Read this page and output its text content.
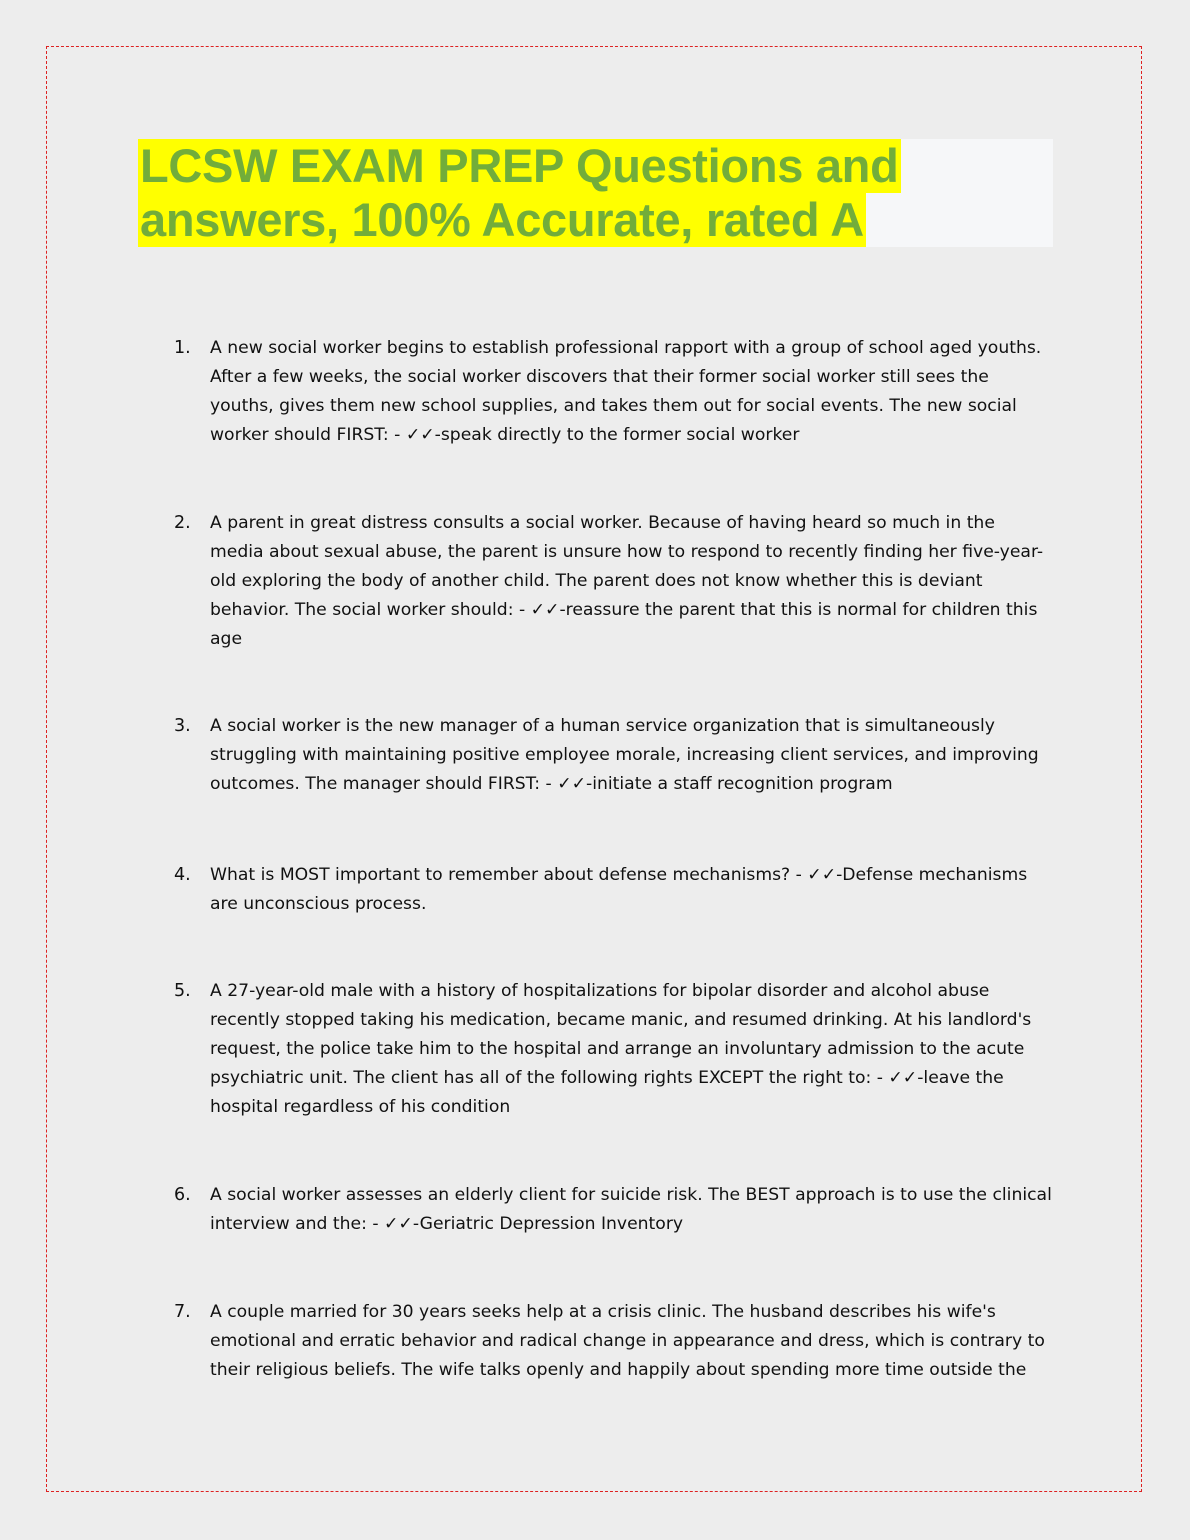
LCSW EXAM PREP Questions and
answers, 100% Accurate, rated A
1.	A new social worker begins to establish professional rapport with a group of school aged youths. After a few weeks, the social worker discovers that their former social worker still sees the youths, gives them new school supplies, and takes them out for social events. The new social worker should FIRST: - ✓✓-speak directly to the former social worker
2.	A parent in great distress consults a social worker. Because of having heard so much in the media about sexual abuse, the parent is unsure how to respond to recently finding her five-year-old exploring the body of another child. The parent does not know whether this is deviant behavior. The social worker should: - ✓✓-reassure the parent that this is normal for children this age
3.	A social worker is the new manager of a human service organization that is simultaneously struggling with maintaining positive employee morale, increasing client services, and improving outcomes. The manager should FIRST: - ✓✓-initiate a staff recognition program
4.	What is MOST important to remember about defense mechanisms? - ✓✓-Defense mechanisms are unconscious process.
5.	A 27-year-old male with a history of hospitalizations for bipolar disorder and alcohol abuse recently stopped taking his medication, became manic, and resumed drinking. At his landlord's request, the police take him to the hospital and arrange an involuntary admission to the acute psychiatric unit. The client has all of the following rights EXCEPT the right to: - ✓✓-leave the hospital regardless of his condition
6.	A social worker assesses an elderly client for suicide risk. The BEST approach is to use the clinical interview and the: - ✓✓-Geriatric Depression Inventory
7.	A couple married for 30 years seeks help at a crisis clinic. The husband describes his wife's emotional and erratic behavior and radical change in appearance and dress, which is contrary to their religious beliefs. The wife talks openly and happily about spending more time outside the
